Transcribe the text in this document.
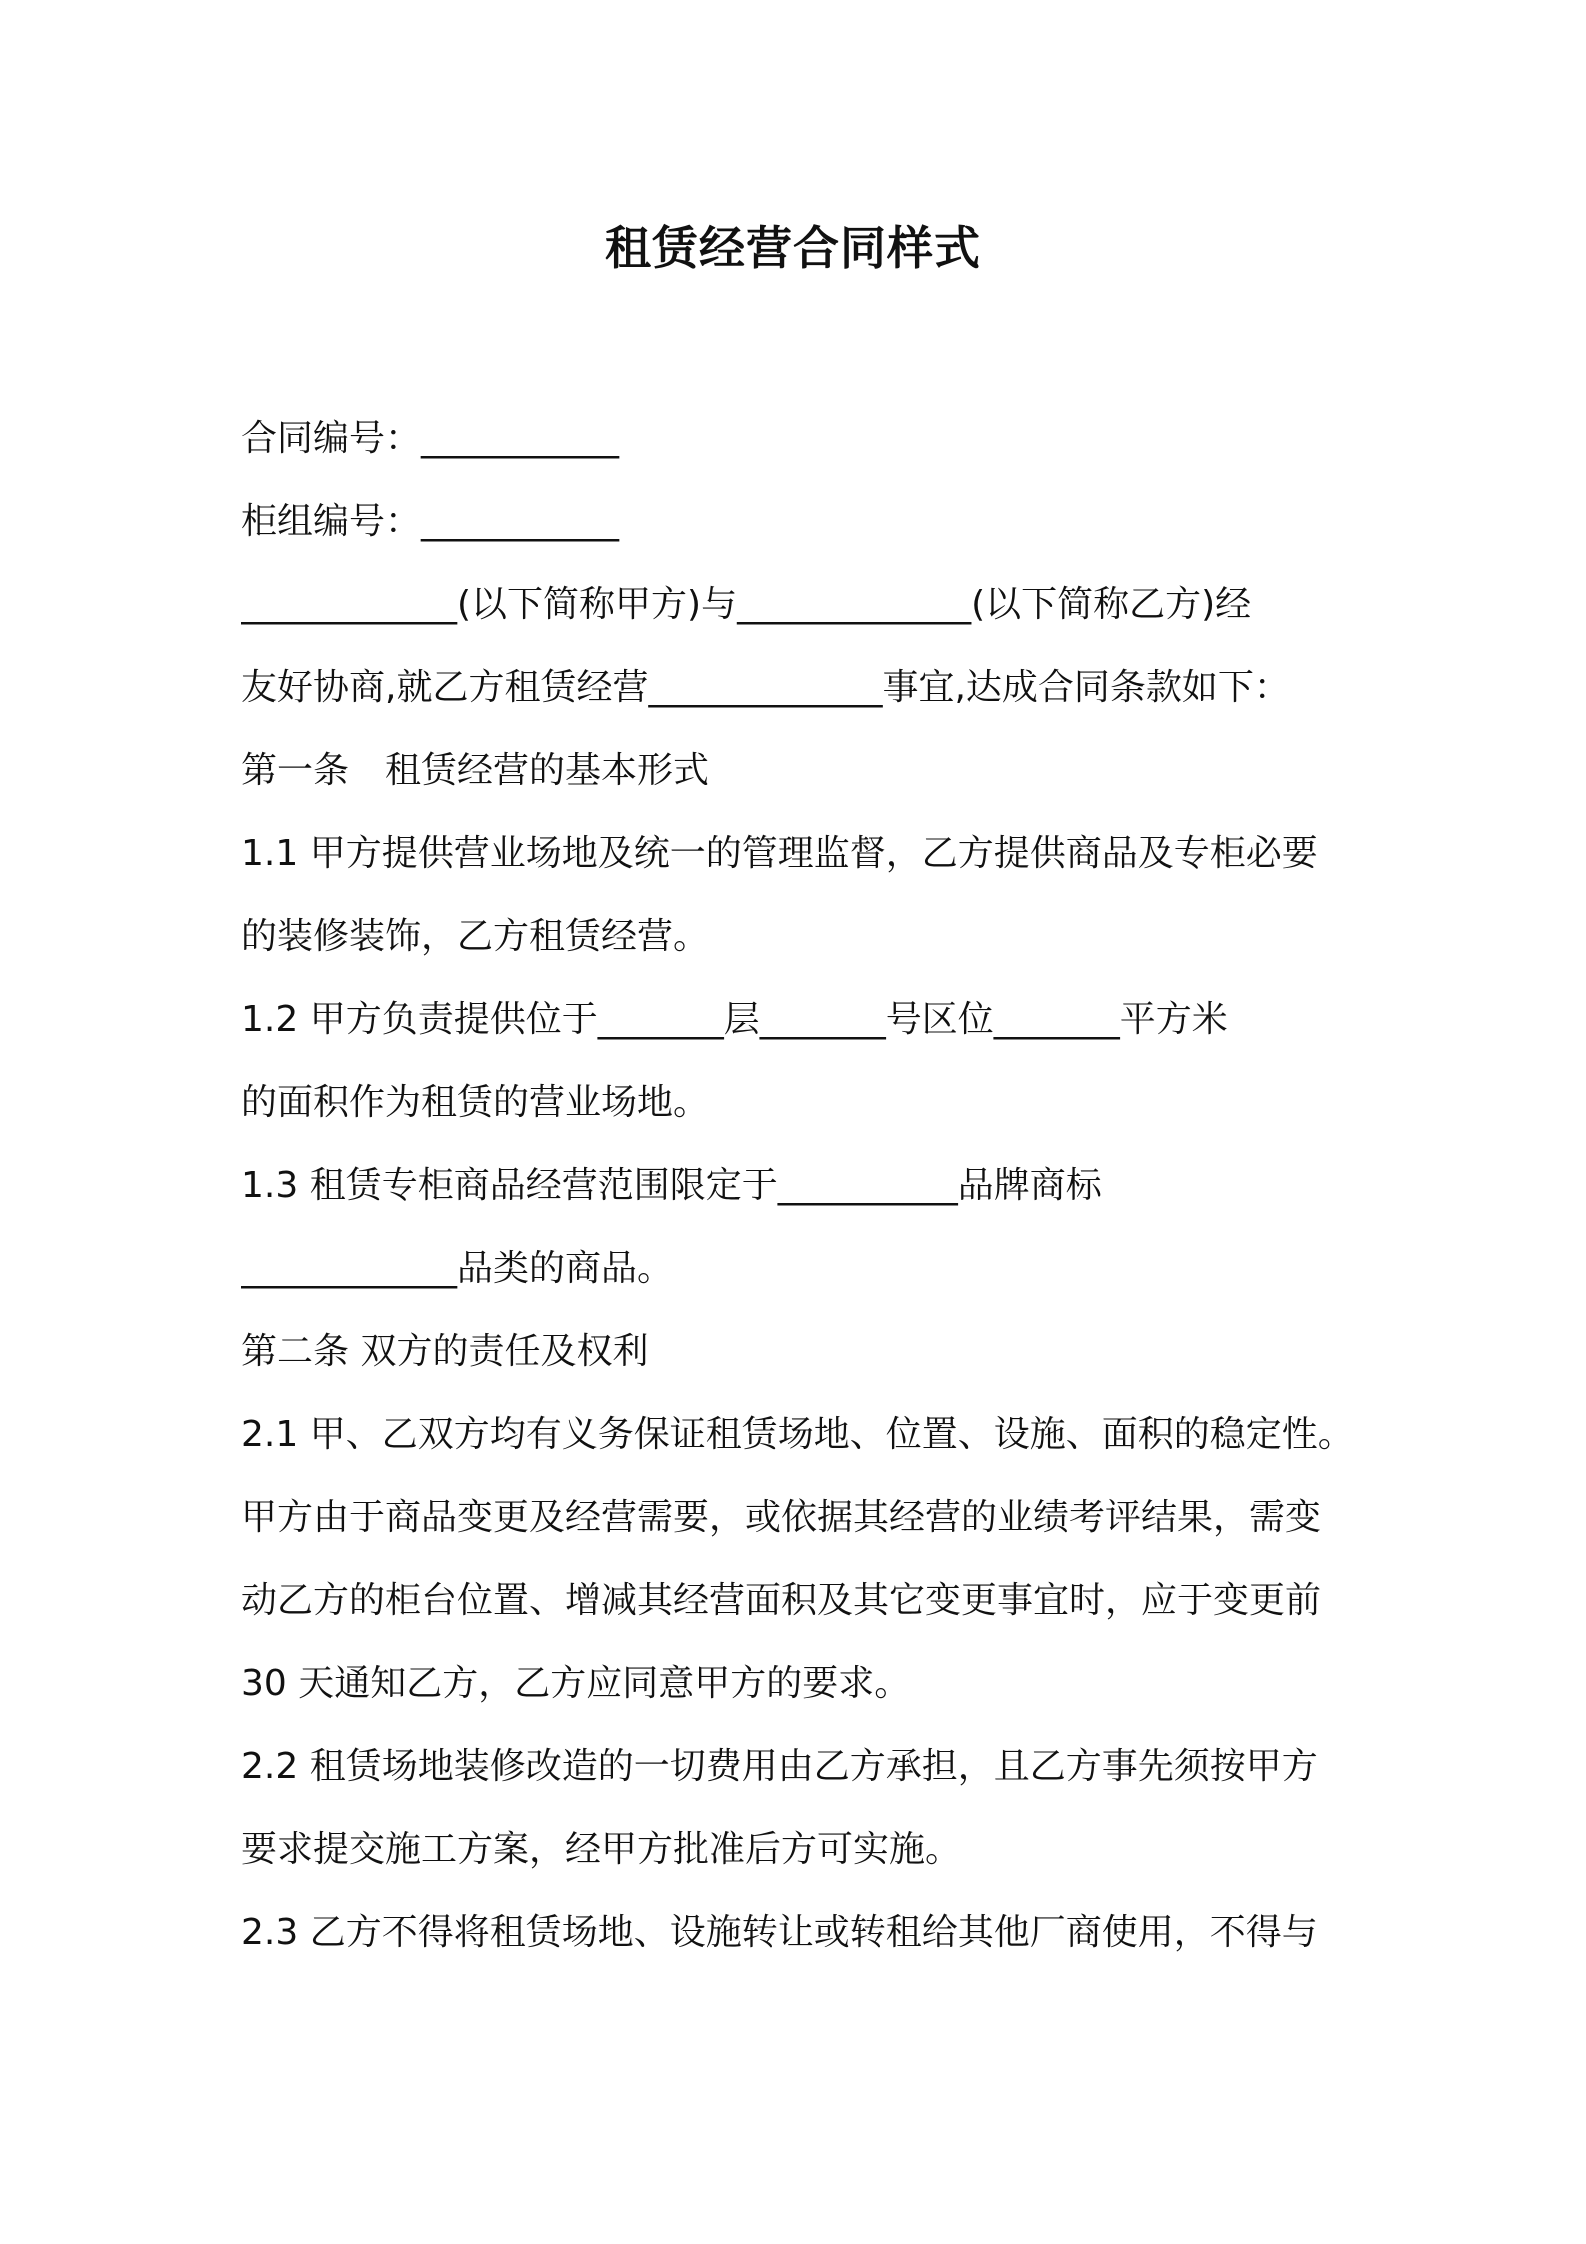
租赁经营合同样式
合同编号：___________
柜组编号：___________
____________(以下简称甲方)与_____________(以下简称乙方)经
友好协商,就乙方租赁经营_____________事宜,达成合同条款如下：
第一条　租赁经营的基本形式
1.1 甲方提供营业场地及统一的管理监督，乙方提供商品及专柜必要
的装修装饰，乙方租赁经营。
1.2 甲方负责提供位于_______层_______号区位_______平方米
的面积作为租赁的营业场地。
1.3 租赁专柜商品经营范围限定于__________品牌商标
____________品类的商品。
第二条 双方的责任及权利
2.1 甲、乙双方均有义务保证租赁场地、位置、设施、面积的稳定性。
甲方由于商品变更及经营需要，或依据其经营的业绩考评结果，需变
动乙方的柜台位置、增减其经营面积及其它变更事宜时，应于变更前
30 天通知乙方，乙方应同意甲方的要求。
2.2 租赁场地装修改造的一切费用由乙方承担，且乙方事先须按甲方
要求提交施工方案，经甲方批准后方可实施。
2.3 乙方不得将租赁场地、设施转让或转租给其他厂商使用，不得与
